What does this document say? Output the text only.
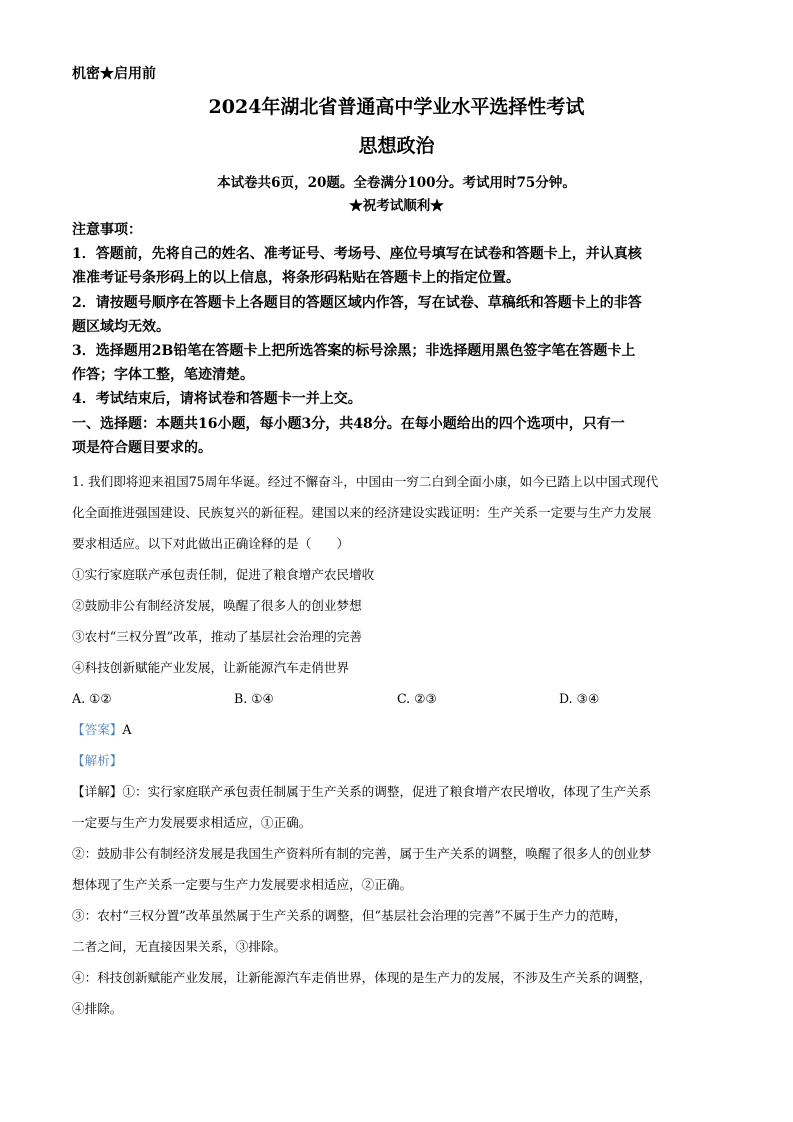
机密★启用前
2024年湖北省普通高中学业水平选择性考试
思想政治
本试卷共6页，20题。全卷满分100分。考试用时75分钟。
★祝考试顺利★
注意事项：
1．答题前，先将自己的姓名、准考证号、考场号、座位号填写在试卷和答题卡上，并认真核
准准考证号条形码上的以上信息，将条形码粘贴在答题卡上的指定位置。
2．请按题号顺序在答题卡上各题目的答题区域内作答，写在试卷、草稿纸和答题卡上的非答
题区域均无效。
3．选择题用2B铅笔在答题卡上把所选答案的标号涂黑；非选择题用黑色签字笔在答题卡上
作答；字体工整，笔迹清楚。
4．考试结束后，请将试卷和答题卡一并上交。
一、选择题：本题共16小题，每小题3分，共48分。在每小题给出的四个选项中，只有一
项是符合题目要求的。
1. 我们即将迎来祖国75周年华诞。经过不懈奋斗，中国由一穷二白到全面小康，如今已踏上以中国式现代
化全面推进强国建设、民族复兴的新征程。建国以来的经济建设实践证明：生产关系一定要与生产力发展
要求相适应。以下对此做出正确诠释的是（　　）
①实行家庭联产承包责任制，促进了粮食增产农民增收
②鼓励非公有制经济发展，唤醒了很多人的创业梦想
③农村“三权分置”改革，推动了基层社会治理的完善
④科技创新赋能产业发展，让新能源汽车走俏世界
A. ①②	B. ①④	C. ②③	D. ③④
【答案】A
【解析】
【详解】①：实行家庭联产承包责任制属于生产关系的调整，促进了粮食增产农民增收，体现了生产关系
一定要与生产力发展要求相适应，①正确。
②：鼓励非公有制经济发展是我国生产资料所有制的完善，属于生产关系的调整，唤醒了很多人的创业梦
想体现了生产关系一定要与生产力发展要求相适应，②正确。
③：农村“三权分置”改革虽然属于生产关系的调整，但“基层社会治理的完善”不属于生产力的范畴，
二者之间，无直接因果关系，③排除。
④：科技创新赋能产业发展，让新能源汽车走俏世界，体现的是生产力的发展，不涉及生产关系的调整，
④排除。
